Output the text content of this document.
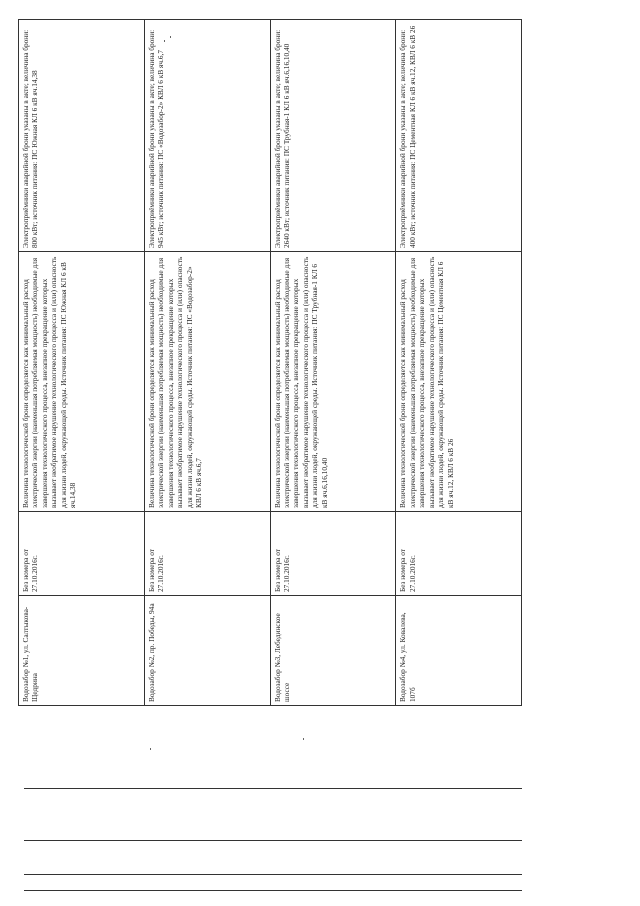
Водозабор №1, ул. Салтыкова-Щедрина	Без номера от 27.10.2016г.	Величина технологической брони определяется как минимальный расход электрической энергии (наименьшая потребляемая мощность) необходимые для завершения технологического процесса, внезапное прекращение которых вызывает необратимое нарушение технологического процесса и (или) опасность для жизни людей, окружающей среды. Источник питания: ПС Южная КЛ 6 кВ яч.14,38	Электроприёмники аварийной брони указаны в акте; величина брони: 800 кВт; источник питания: ПС Южная КЛ 6 кВ яч.14,38
Водозабор №2, пр. Победы, 94а	Без номера от 27.10.2016г.	Величина технологической брони определяется как минимальный расход электрической энергии (наименьшая потребляемая мощность) необходимые для завершения технологического процесса, внезапное прекращение которых вызывает необратимое нарушение технологического процесса и (или) опасность для жизни людей, окружающей среды. Источник питания: ПС «Водозабор-2» КВЛ 6 кВ яч.6,7	Электроприёмники аварийной брони указаны в акте; величина брони: 945 кВт; источник питания: ПС «Водозабор-2» КВЛ 6 кВ яч.6,7
Водозабор №3, Лебединское шоссе	Без номера от 27.10.2016г.	Величина технологической брони определяется как минимальный расход электрической энергии (наименьшая потребляемая мощность) необходимые для завершения технологического процесса, внезапное прекращение которых вызывает необратимое нарушение технологического процесса и (или) опасность для жизни людей, окружающей среды. Источник питания: ПС Трубная-1 КЛ 6 кВ яч.6,16,10,40	Электроприёмники аварийной брони указаны в акте; величина брони: 2640 кВт; источник питания: ПС Трубная-1 КЛ 6 кВ яч.6,16,10,40
Водозабор №4, ул. Ковалева, 107б	Без номера от 27.10.2016г.	Величина технологической брони определяется как минимальный расход электрической энергии (наименьшая потребляемая мощность) необходимые для завершения технологического процесса, внезапное прекращение которых вызывает необратимое нарушение технологического процесса и (или) опасность для жизни людей, окружающей среды. Источник питания: ПС Цементная КЛ 6 кВ яч.12, КВЛ 6 кВ 26	Электроприёмники аварийной брони указаны в акте; величина брони: 400 кВт; источник питания: ПС Цементная КЛ 6 кВ яч.12, КВЛ 6 кВ 26
